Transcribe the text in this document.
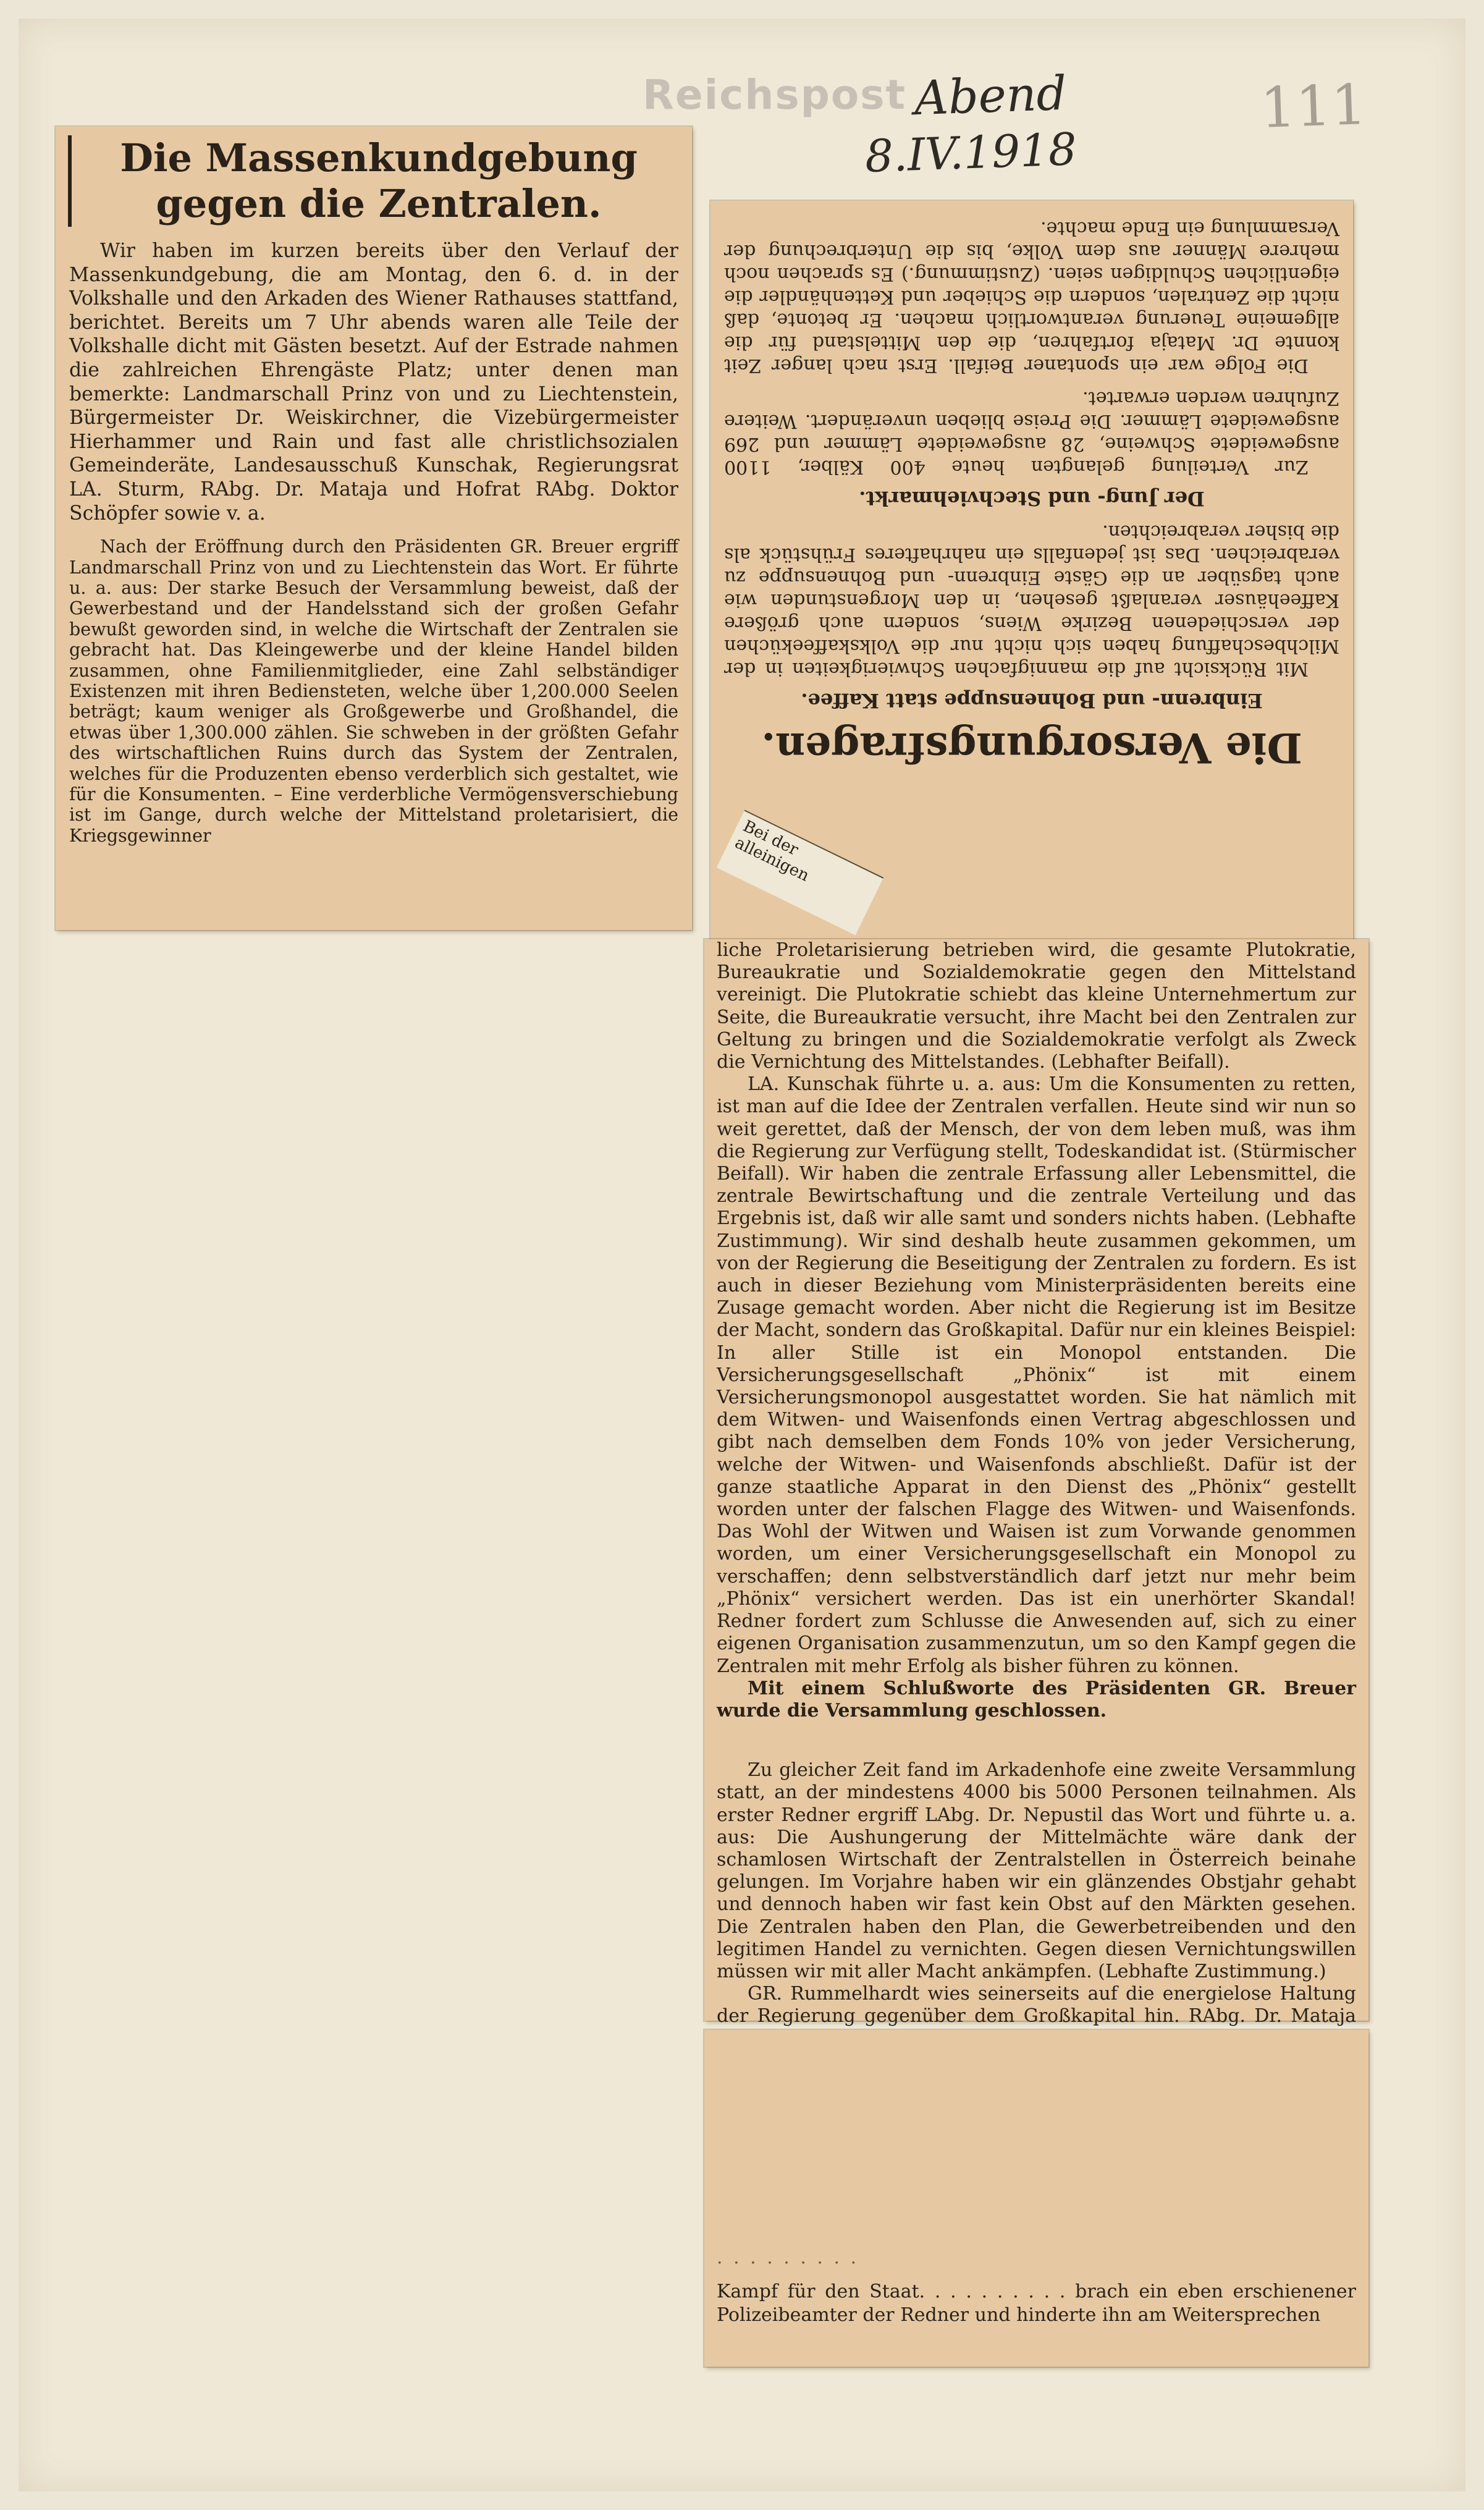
Reichspost Abend
8.IV.1918
111
Die Massenkundgebung gegen die Zentralen.

Wir haben im kurzen bereits über den Verlauf der Massenkundgebung, die am Montag, den 6. d. in der Volkshalle und den Arkaden des Wiener Rathauses stattfand, berichtet. Bereits um 7 Uhr abends waren alle Teile der Volkshalle dicht mit Gästen besetzt. Auf der Estrade nahmen die zahlreichen Ehrengäste Platz; unter denen man bemerkte: Landmarschall Prinz von und zu Liechtenstein, Bürgermeister Dr. Weiskirchner, die Vizebürgermeister Hierhammer und Rain und fast alle christlichsozialen Gemeinderäte, Landesausschuß Kunschak, Regierungsrat LA. Sturm, RAbg. Dr. Mataja und Hofrat RAbg. Doktor Schöpfer sowie v. a.

Nach der Eröffnung durch den Präsidenten GR. Breuer ergriff Landmarschall Prinz von und zu Liechtenstein das Wort. Er führte u. a. aus: Der starke Besuch der Versammlung beweist, daß der Gewerbestand und der Handelsstand sich der großen Gefahr bewußt geworden sind, in welche die Wirtschaft der Zentralen sie gebracht hat. Das Kleingewerbe und der kleine Handel bilden zusammen, ohne Familienmitglieder, eine Zahl selbständiger Existenzen mit ihren Bediensteten, welche über 1,200.000 Seelen beträgt; kaum weniger als Großgewerbe und Großhandel, die etwas über 1,300.000 zählen. Sie schweben in der größten Gefahr des wirtschaftlichen Ruins durch das System der Zentralen, welches für die Produzenten ebenso verderblich sich gestaltet, wie für die Konsumenten. – Eine verderbliche Vermögensverschiebung ist im Gange, durch welche der Mittelstand proletarisiert, die Kriegsgewinner

Die Versorgungsfragen.
Einbrenn- und Bohnensuppe statt Kaffee.

Mit Rücksicht auf die mannigfachen Schwierigkeiten in der Milchbeschaffung haben sich nicht nur die Volkskaffeeküchen der verschiedenen Bezirke Wiens, sondern auch größere Kaffeehäuser veranlaßt gesehen, in den Morgenstunden wie auch tagsüber an die Gäste Einbrenn- und Bohnensuppe zu verabreichen. Das ist jedenfalls ein nahrhafteres Frühstück als die bisher verabreichten.

Der Jung- und Stechviehmarkt.

Zur Verteilung gelangten heute 400 Kälber, 1100 ausgeweidete Schweine, 28 ausgeweidete Lämmer und 269 ausgeweidete Lämmer. Die Preise blieben unverändert. Weitere Zufuhren werden erwartet.

Die Folge war ein spontaner Beifall. Erst nach langer Zeit konnte Dr. Mataja fortfahren, die den Mittelstand für die allgemeine Teuerung verantwortlich machen. Er betonte, daß nicht die Zentralen, sondern die Schieber und Kettenhändler die eigentlichen Schuldigen seien. (Zustimmung.) Es sprachen noch mehrere Männer aus dem Volke, bis die Unterbrechung der Versammlung ein Ende machte.

Bei der alleinigen

liche Proletarisierung betrieben wird, die gesamte Plutokratie, Bureaukratie und Sozialdemokratie gegen den Mittelstand vereinigt. Die Plutokratie schiebt das kleine Unternehmertum zur Seite, die Bureaukratie versucht, ihre Macht bei den Zentralen zur Geltung zu bringen und die Sozialdemokratie verfolgt als Zweck die Vernichtung des Mittelstandes. (Lebhafter Beifall).

LA. Kunschak führte u. a. aus: Um die Konsumenten zu retten, ist man auf die Idee der Zentralen verfallen. Heute sind wir nun so weit gerettet, daß der Mensch, der von dem leben muß, was ihm die Regierung zur Verfügung stellt, Todeskandidat ist. (Stürmischer Beifall). Wir haben die zentrale Erfassung aller Lebensmittel, die zentrale Bewirtschaftung und die zentrale Verteilung und das Ergebnis ist, daß wir alle samt und sonders nichts haben. (Lebhafte Zustimmung). Wir sind deshalb heute zusammen gekommen, um von der Regierung die Beseitigung der Zentralen zu fordern. Es ist auch in dieser Beziehung vom Ministerpräsidenten bereits eine Zusage gemacht worden. Aber nicht die Regierung ist im Besitze der Macht, sondern das Großkapital. Dafür nur ein kleines Beispiel: In aller Stille ist ein Monopol entstanden. Die Versicherungsgesellschaft „Phönix“ ist mit einem Versicherungsmonopol ausgestattet worden. Sie hat nämlich mit dem Witwen- und Waisenfonds einen Vertrag abgeschlossen und gibt nach demselben dem Fonds 10% von jeder Versicherung, welche der Witwen- und Waisenfonds abschließt. Dafür ist der ganze staatliche Apparat in den Dienst des „Phönix“ gestellt worden unter der falschen Flagge des Witwen- und Waisenfonds. Das Wohl der Witwen und Waisen ist zum Vorwande genommen worden, um einer Versicherungsgesellschaft ein Monopol zu verschaffen; denn selbstverständlich darf jetzt nur mehr beim „Phönix“ versichert werden. Das ist ein unerhörter Skandal! Redner fordert zum Schlusse die Anwesenden auf, sich zu einer eigenen Organisation zusammenzutun, um so den Kampf gegen die Zentralen mit mehr Erfolg als bisher führen zu können.

Mit einem Schlußworte des Präsidenten GR. Breuer wurde die Versammlung geschlossen.

Zu gleicher Zeit fand im Arkadenhofe eine zweite Versammlung statt, an der mindestens 4000 bis 5000 Personen teilnahmen. Als erster Redner ergriff LAbg. Dr. Nepustil das Wort und führte u. a. aus: Die Aushungerung der Mittelmächte wäre dank der schamlosen Wirtschaft der Zentralstellen in Österreich beinahe gelungen. Im Vorjahre haben wir ein glänzendes Obstjahr gehabt und dennoch haben wir fast kein Obst auf den Märkten gesehen. Die Zentralen haben den Plan, die Gewerbetreibenden und den legitimen Handel zu vernichten. Gegen diesen Vernichtungswillen müssen wir mit aller Macht ankämpfen. (Lebhafte Zustimmung.)

GR. Rummelhardt wies seinerseits auf die energielose Haltung der Regierung gegenüber dem Großkapital hin. RAbg. Dr. Mataja

· · · · · · · · ·

Kampf für den Staat. . . . . . . . . . brach ein eben erschienener Polizeibeamter der Redner und hinderte ihn am Weitersprechen
